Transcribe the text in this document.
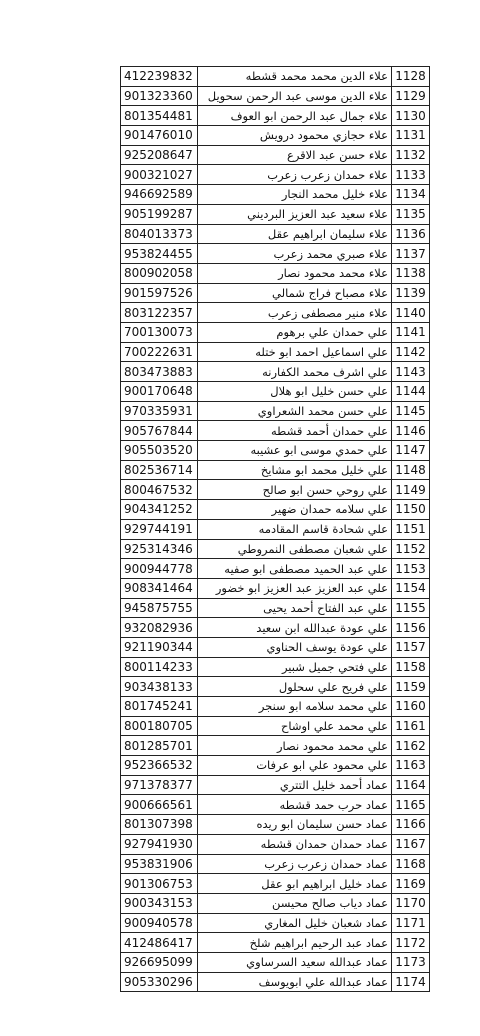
412239832	علاء الدين محمد محمد قشطه	1128
901323360	علاء الدين موسى عبد الرحمن سحويل	1129
801354481	علاء جمال عبد الرحمن ابو العوف	1130
901476010	علاء حجازي محمود درويش	1131
925208647	علاء حسن عبد الاقرع	1132
900321027	علاء حمدان زعرب زعرب	1133
946692589	علاء خليل محمد النجار	1134
905199287	علاء سعيد عبد العزيز البرديني	1135
804013373	علاء سليمان ابراهيم عقل	1136
953824455	علاء صبري محمد زعرب	1137
800902058	علاء محمد محمود نصار	1138
901597526	علاء مصباح فراج شمالي	1139
803122357	علاء منير مصطفى زعرب	1140
700130073	علي حمدان علي برهوم	1141
700222631	علي اسماعيل احمد ابو ختله	1142
803473883	علي اشرف محمد الكفارنه	1143
900170648	علي حسن خليل ابو هلال	1144
970335931	علي حسن محمد الشعراوي	1145
905767844	علي حمدان أحمد قشطه	1146
905503520	علي حمدي موسى ابو عشيبه	1147
802536714	علي خليل محمد ابو مشايخ	1148
800467532	علي روحي حسن ابو صالح	1149
904341252	علي سلامه حمدان ضهير	1150
929744191	علي شحادة قاسم المقادمه	1151
925314346	علي شعبان مصطفى النمروطي	1152
900944778	علي عبد الحميد مصطفى ابو صفيه	1153
908341464	علي عبد العزيز عبد العزيز ابو خضور	1154
945875755	علي عبد الفتاح أحمد يحيى	1155
932082936	علي عودة عبدالله ابن سعيد	1156
921190344	علي عودة يوسف الحناوي	1157
800114233	علي فتحي جميل شبير	1158
903438133	علي فريح علي سحلول	1159
801745241	علي محمد سلامه ابو سنجر	1160
800180705	علي محمد علي اوشاح	1161
801285701	علي محمد محمود نصار	1162
952366532	علي محمود علي ابو عرفات	1163
971378377	عماد أحمد خليل التتري	1164
900666561	عماد حرب حمد قشطه	1165
801307398	عماد حسن سليمان ابو ريده	1166
927941930	عماد حمدان حمدان قشطه	1167
953831906	عماد حمدان زعرب زعرب	1168
901306753	عماد خليل ابراهيم ابو عقل	1169
900343153	عماد دياب صالح محيسن	1170
900940578	عماد شعبان خليل المغاري	1171
412486417	عماد عبد الرحيم ابراهيم شلخ	1172
926695099	عماد عبدالله سعيد السرساوي	1173
905330296	عماد عبدالله علي ابويوسف	1174
